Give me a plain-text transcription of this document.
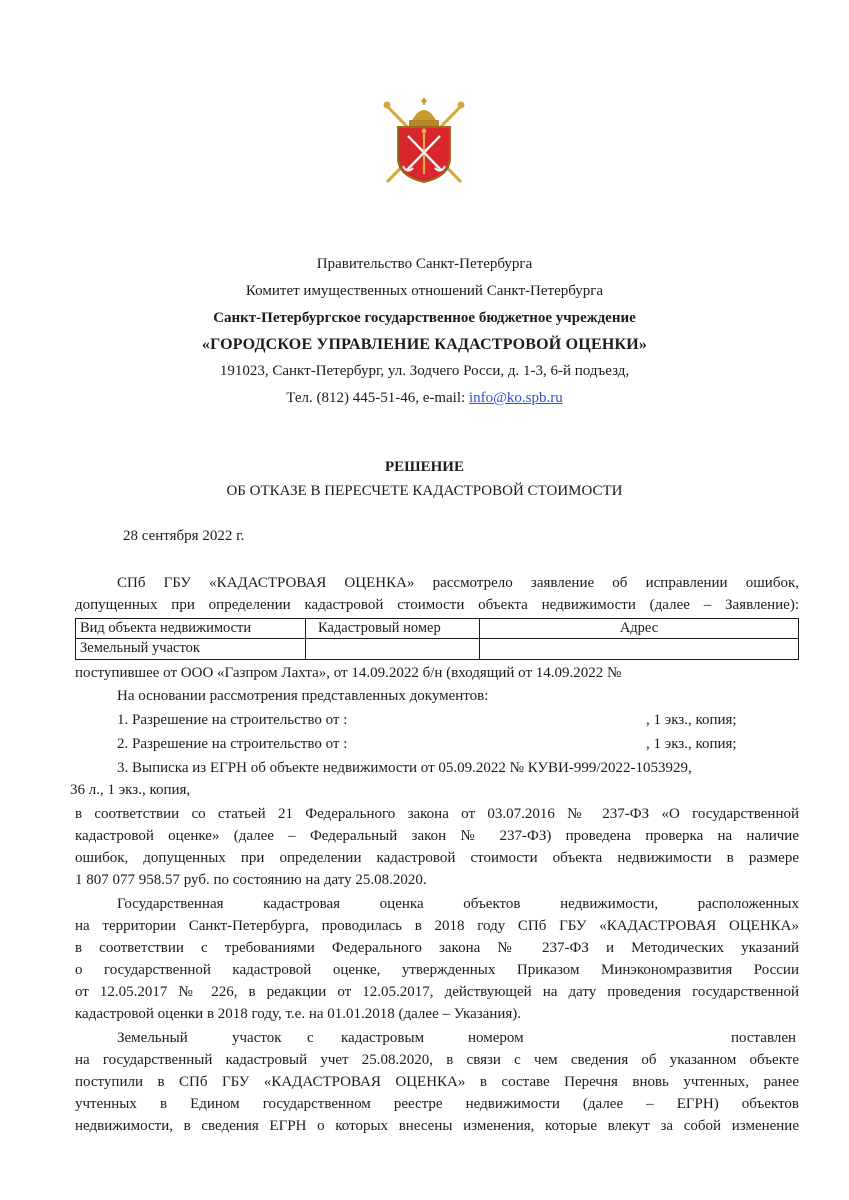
Правительство Санкт-Петербурга
Комитет имущественных отношений Санкт-Петербурга
Санкт-Петербургское государственное бюджетное учреждение
«ГОРОДСКОЕ УПРАВЛЕНИЕ КАДАСТРОВОЙ ОЦЕНКИ»
191023, Санкт-Петербург, ул. Зодчего Росси, д. 1-3, 6-й подъезд,
Тел. (812) 445-51-46, e-mail: info@ko.spb.ru
РЕШЕНИЕ
ОБ ОТКАЗЕ В ПЕРЕСЧЕТЕ КАДАСТРОВОЙ СТОИМОСТИ
28 сентября 2022 г.
СПб ГБУ «КАДАСТРОВАЯ ОЦЕНКА» рассмотрело заявление об исправлении ошибок,
допущенных при определении кадастровой стоимости объекта недвижимости (далее – Заявление):
Вид объекта недвижимости	Кадастровый номер	Адрес
Земельный участок
поступившее от ООО «Газпром Лахта», от 14.09.2022 б/н (входящий от 14.09.2022 №
На основании рассмотрения представленных документов:
1. Разрешение на строительство от :	, 1 экз., копия;
2. Разрешение на строительство от :	, 1 экз., копия;
3. Выписка из ЕГРН об объекте недвижимости от 05.09.2022 № КУВИ-999/2022-1053929,
36 л., 1 экз., копия,
в соответствии со статьей 21 Федерального закона от 03.07.2016 № 237-ФЗ «О государственной
кадастровой оценке» (далее – Федеральный закон № 237-ФЗ) проведена проверка на наличие
ошибок, допущенных при определении кадастровой стоимости объекта недвижимости в размере
1 807 077 958.57 руб. по состоянию на дату 25.08.2020.
Государственная кадастровая оценка объектов недвижимости, расположенных
на территории Санкт-Петербурга, проводилась в 2018 году СПб ГБУ «КАДАСТРОВАЯ ОЦЕНКА»
в соответствии с требованиями Федерального закона № 237-ФЗ и Методических указаний
о государственной кадастровой оценке, утвержденных Приказом Минэкономразвития России
от 12.05.2017 № 226, в редакции от 12.05.2017, действующей на дату проведения государственной
кадастровой оценки в 2018 году, т.е. на 01.01.2018 (далее – Указания).
Земельный	участок с кадастровым	номером	поставлен
на государственный кадастровый учет 25.08.2020, в связи с чем сведения об указанном объекте
поступили в СПб ГБУ «КАДАСТРОВАЯ ОЦЕНКА» в составе Перечня вновь учтенных, ранее
учтенных в Едином государственном реестре недвижимости (далее – ЕГРН) объектов
недвижимости, в сведения ЕГРН о которых внесены изменения, которые влекут за собой изменение
